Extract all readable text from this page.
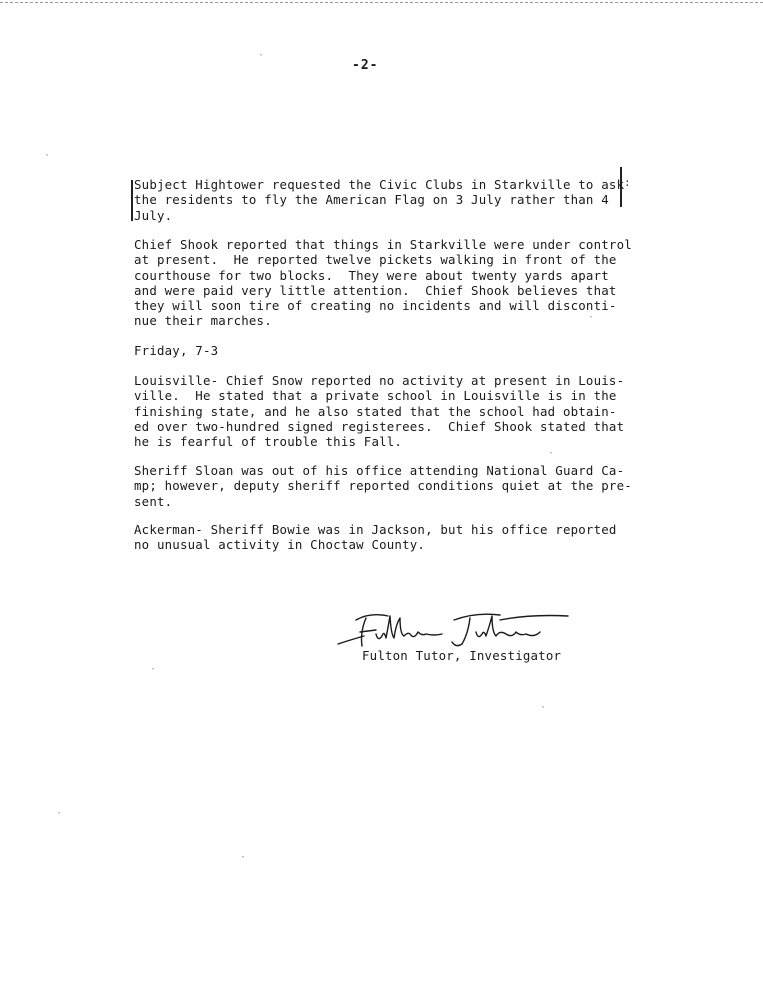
-2-
:
Subject Hightower requested the Civic Clubs in Starkville to ask
the residents to fly the American Flag on 3 July rather than 4
July.
Chief Shook reported that things in Starkville were under control
at present.  He reported twelve pickets walking in front of the
courthouse for two blocks.  They were about twenty yards apart
and were paid very little attention.  Chief Shook believes that
they will soon tire of creating no incidents and will disconti-
nue their marches.
Friday, 7-3
Louisville- Chief Snow reported no activity at present in Louis-
ville.  He stated that a private school in Louisville is in the
finishing state, and he also stated that the school had obtain-
ed over two-hundred signed registerees.  Chief Shook stated that
he is fearful of trouble this Fall.
Sheriff Sloan was out of his office attending National Guard Ca-
mp; however, deputy sheriff reported conditions quiet at the pre-
sent.
Ackerman- Sheriff Bowie was in Jackson, but his office reported
no unusual activity in Choctaw County.
Fulton Tutor, Investigator
·
·
·
·
·
·
·
·
